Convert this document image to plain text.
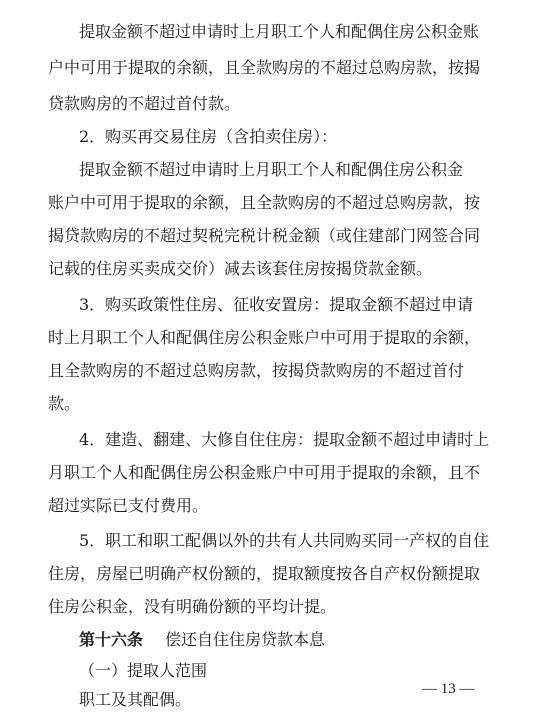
提取金额不超过申请时上月职工个人和配偶住房公积金账
户中可用于提取的余额，且全款购房的不超过总购房款，按揭
贷款购房的不超过首付款。
2．购买再交易住房（含拍卖住房）：
提取金额不超过申请时上月职工个人和配偶住房公积金
账户中可用于提取的余额，且全款购房的不超过总购房款，按
揭贷款购房的不超过契税完税计税金额（或住建部门网签合同
记载的住房买卖成交价）减去该套住房按揭贷款金额。
3．购买政策性住房、征收安置房：提取金额不超过申请
时上月职工个人和配偶住房公积金账户中可用于提取的余额，
且全款购房的不超过总购房款，按揭贷款购房的不超过首付
款。
4．建造、翻建、大修自住住房：提取金额不超过申请时上
月职工个人和配偶住房公积金账户中可用于提取的余额，且不
超过实际已支付费用。
5．职工和职工配偶以外的共有人共同购买同一产权的自住
住房，房屋已明确产权份额的，提取额度按各自产权份额提取
住房公积金，没有明确份额的平均计提。
第十六条 偿还自住住房贷款本息
（一）提取人范围
职工及其配偶。
— 13 —
